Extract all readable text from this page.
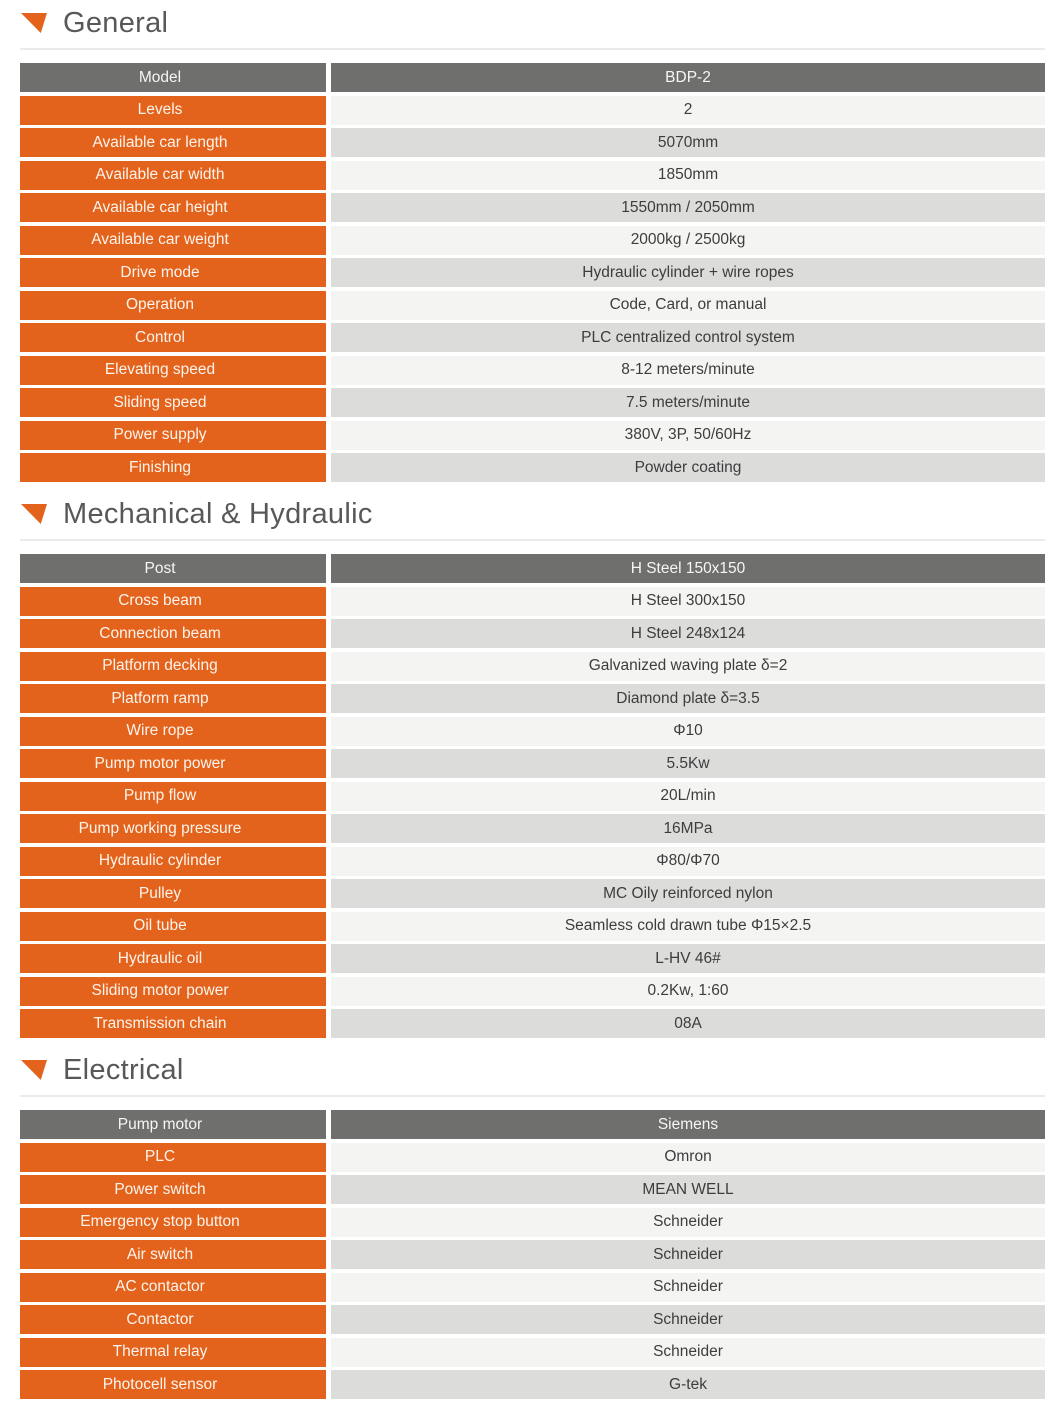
General
Model	BDP-2
Levels	2
Available car length	5070mm
Available car width	1850mm
Available car height	1550mm / 2050mm
Available car weight	2000kg / 2500kg
Drive mode	Hydraulic cylinder + wire ropes
Operation	Code, Card, or manual
Control	PLC centralized control system
Elevating speed	8-12 meters/minute
Sliding speed	7.5 meters/minute
Power supply	380V, 3P, 50/60Hz
Finishing	Powder coating
Mechanical & Hydraulic
Post	H Steel 150x150
Cross beam	H Steel 300x150
Connection beam	H Steel 248x124
Platform decking	Galvanized waving plate δ=2
Platform ramp	Diamond plate δ=3.5
Wire rope	Φ10
Pump motor power	5.5Kw
Pump flow	20L/min
Pump working pressure	16MPa
Hydraulic cylinder	Φ80/Φ70
Pulley	MC Oily reinforced nylon
Oil tube	Seamless cold drawn tube Φ15×2.5
Hydraulic oil	L-HV 46#
Sliding motor power	0.2Kw, 1:60
Transmission chain	08A
Electrical
Pump motor	Siemens
PLC	Omron
Power switch	MEAN WELL
Emergency stop button	Schneider
Air switch	Schneider
AC contactor	Schneider
Contactor	Schneider
Thermal relay	Schneider
Photocell sensor	G-tek
